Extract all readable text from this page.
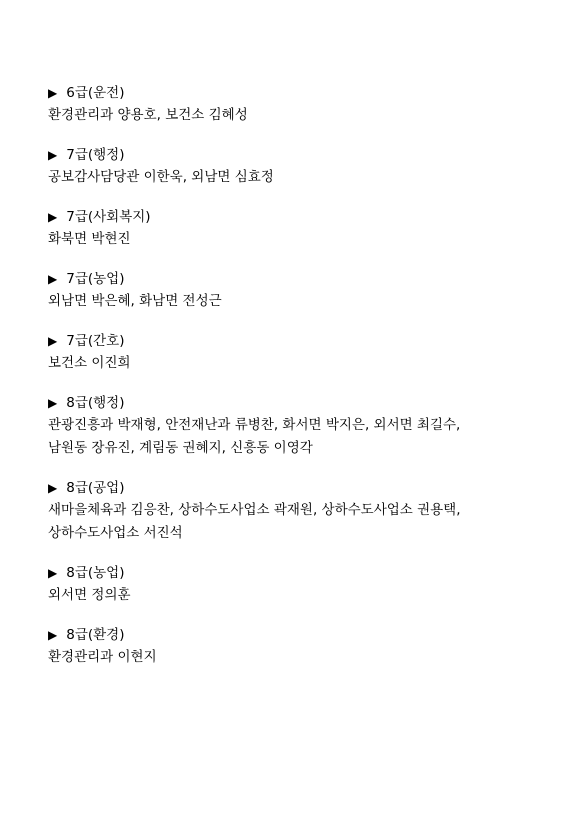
▶ 6급(운전)
환경관리과 양용호, 보건소 김혜성
▶ 7급(행정)
공보감사담당관 이한욱, 외남면 심효정
▶ 7급(사회복지)
화북면 박현진
▶ 7급(농업)
외남면 박은혜, 화남면 전성근
▶ 7급(간호)
보건소 이진희
▶ 8급(행정)
관광진흥과 박재형, 안전재난과 류병찬, 화서면 박지은, 외서면 최길수,
남원동 장유진, 계림동 권혜지, 신흥동 이영각
▶ 8급(공업)
새마을체육과 김응찬, 상하수도사업소 곽재원, 상하수도사업소 권용택,
상하수도사업소 서진석
▶ 8급(농업)
외서면 정의훈
▶ 8급(환경)
환경관리과 이현지
